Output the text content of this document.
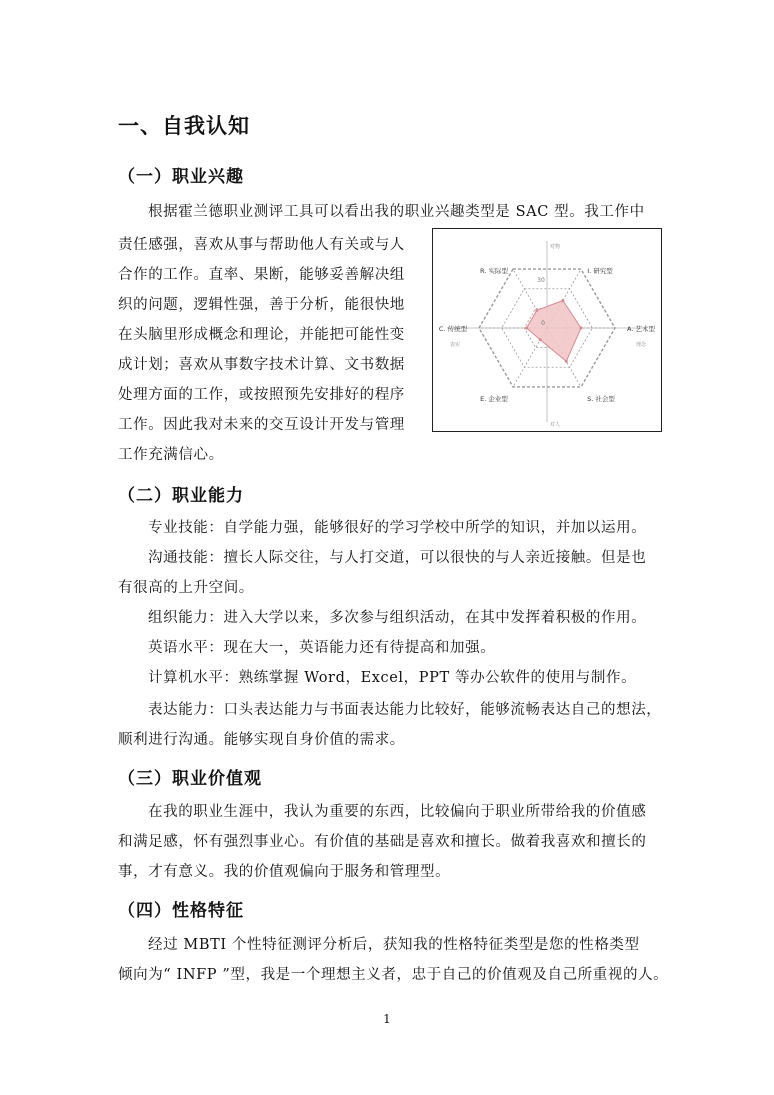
一、自我认知
（一）职业兴趣
根据霍兰德职业测评工具可以看出我的职业兴趣类型是 SAC 型。我工作中
责任感强，喜欢从事与帮助他人有关或与人
合作的工作。直率、果断，能够妥善解决组
织的问题，逻辑性强，善于分析，能很快地
在头脑里形成概念和理论，并能把可能性变
成计划；喜欢从事数字技术计算、文书数据
处理方面的工作，或按照预先安排好的程序
工作。因此我对未来的交互设计开发与管理
工作充满信心。
R. 实际型	I. 研究型
A. 艺术型
S. 社会型
E. 企业型
C. 传统型
0
30
对物
对人
表实	理念
（二）职业能力
专业技能：自学能力强，能够很好的学习学校中所学的知识，并加以运用。
沟通技能：擅长人际交往，与人打交道，可以很快的与人亲近接触。但是也
有很高的上升空间。
组织能力：进入大学以来，多次参与组织活动，在其中发挥着积极的作用。
英语水平：现在大一，英语能力还有待提高和加强。
计算机水平：熟练掌握 Word，Excel，PPT 等办公软件的使用与制作。
表达能力：口头表达能力与书面表达能力比较好，能够流畅表达自己的想法，
顺利进行沟通。能够实现自身价值的需求。
（三）职业价值观
在我的职业生涯中，我认为重要的东西，比较偏向于职业所带给我的价值感
和满足感，怀有强烈事业心。有价值的基础是喜欢和擅长。做着我喜欢和擅长的
事，才有意义。我的价值观偏向于服务和管理型。
（四）性格特征
经过 MBTI 个性特征测评分析后，获知我的性格特征类型是您的性格类型
倾向为“ INFP ”型，我是一个理想主义者，忠于自己的价值观及自己所重视的人。
1
